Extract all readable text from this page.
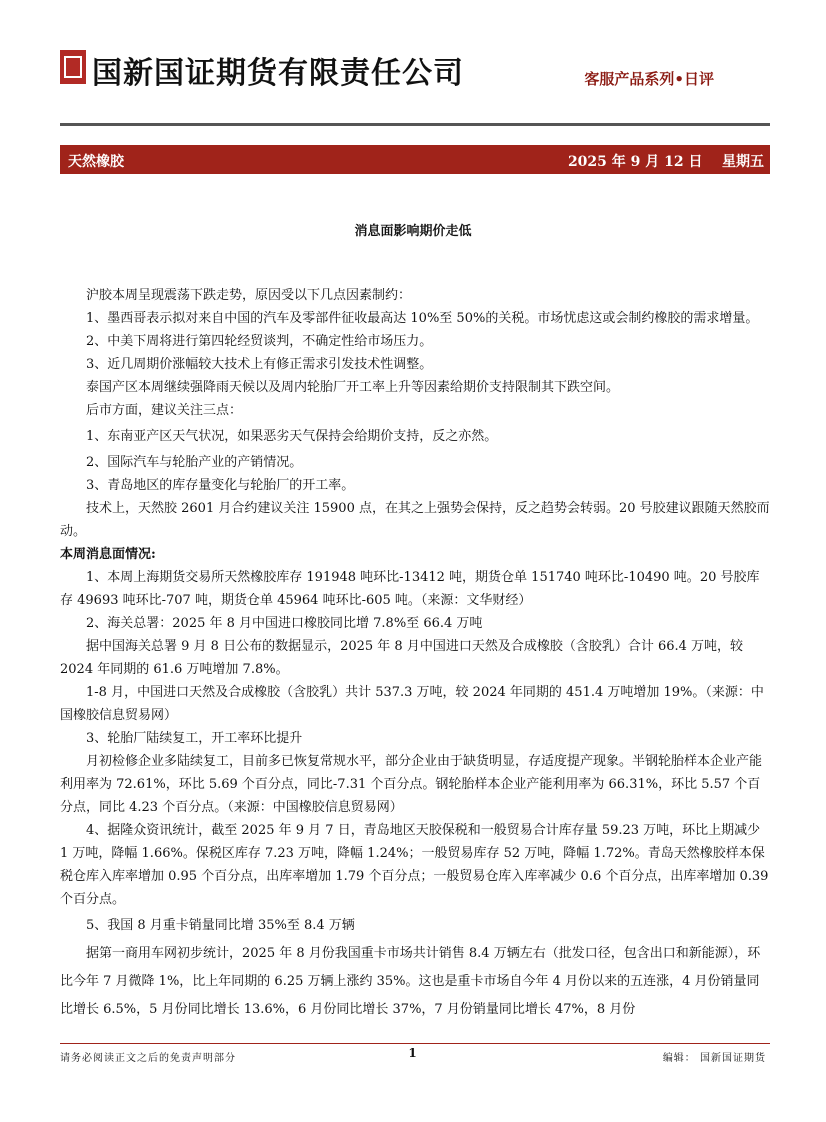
国新国证期货有限责任公司	客服产品系列•日评
天然橡胶	2025 年 9 月 12 日    星期五
消息面影响期价走低

沪胶本周呈现震荡下跌走势，原因受以下几点因素制约：

1、墨西哥表示拟对来自中国的汽车及零部件征收最高达 10%至 50%的关税。市场忧虑这或会制约橡胶的需求增量。

2、中美下周将进行第四轮经贸谈判，不确定性给市场压力。

3、近几周期价涨幅较大技术上有修正需求引发技术性调整。

泰国产区本周继续强降雨天候以及周内轮胎厂开工率上升等因素给期价支持限制其下跌空间。

后市方面，建议关注三点：

1、东南亚产区天气状况，如果恶劣天气保持会给期价支持，反之亦然。

2、国际汽车与轮胎产业的产销情况。

3、青岛地区的库存量变化与轮胎厂的开工率。

技术上，天然胶 2601 月合约建议关注 15900 点，在其之上强势会保持，反之趋势会转弱。20 号胶建议跟随天然胶而动。

本周消息面情况:

1、本周上海期货交易所天然橡胶库存 191948 吨环比-13412 吨，期货仓单 151740 吨环比-10490 吨。20 号胶库存 49693 吨环比-707 吨，期货仓单 45964 吨环比-605 吨。（来源：文华财经）

2、海关总署：2025 年 8 月中国进口橡胶同比增 7.8%至 66.4 万吨

据中国海关总署 9 月 8 日公布的数据显示，2025 年 8 月中国进口天然及合成橡胶（含胶乳）合计 66.4 万吨，较 2024 年同期的 61.6 万吨增加 7.8%。

1-8 月，中国进口天然及合成橡胶（含胶乳）共计 537.3 万吨，较 2024 年同期的 451.4 万吨增加 19%。（来源：中国橡胶信息贸易网）

3、轮胎厂陆续复工，开工率环比提升

月初检修企业多陆续复工，目前多已恢复常规水平，部分企业由于缺货明显，存适度提产现象。半钢轮胎样本企业产能利用率为 72.61%，环比 5.69 个百分点，同比-7.31 个百分点。钢轮胎样本企业产能利用率为 66.31%，环比 5.57 个百分点，同比 4.23 个百分点。（来源：中国橡胶信息贸易网）

4、据隆众资讯统计，截至 2025 年 9 月 7 日，青岛地区天胶保税和一般贸易合计库存量 59.23 万吨，环比上期减少 1 万吨，降幅 1.66%。保税区库存 7.23 万吨，降幅 1.24%；一般贸易库存 52 万吨，降幅 1.72%。青岛天然橡胶样本保税仓库入库率增加 0.95 个百分点，出库率增加 1.79 个百分点；一般贸易仓库入库率减少 0.6 个百分点，出库率增加 0.39 个百分点。

5、我国 8 月重卡销量同比增 35%至 8.4 万辆

据第一商用车网初步统计，2025 年 8 月份我国重卡市场共计销售 8.4 万辆左右（批发口径，包含出口和新能源），环比今年 7 月微降 1%，比上年同期的 6.25 万辆上涨约 35%。这也是重卡市场自今年 4 月份以来的五连涨，4 月份销量同比增长 6.5%，5 月份同比增长 13.6%，6 月份同比增长 37%，7 月份销量同比增长 47%，8 月份

请务必阅读正文之后的免责声明部分	1	编辑： 国新国证期货
